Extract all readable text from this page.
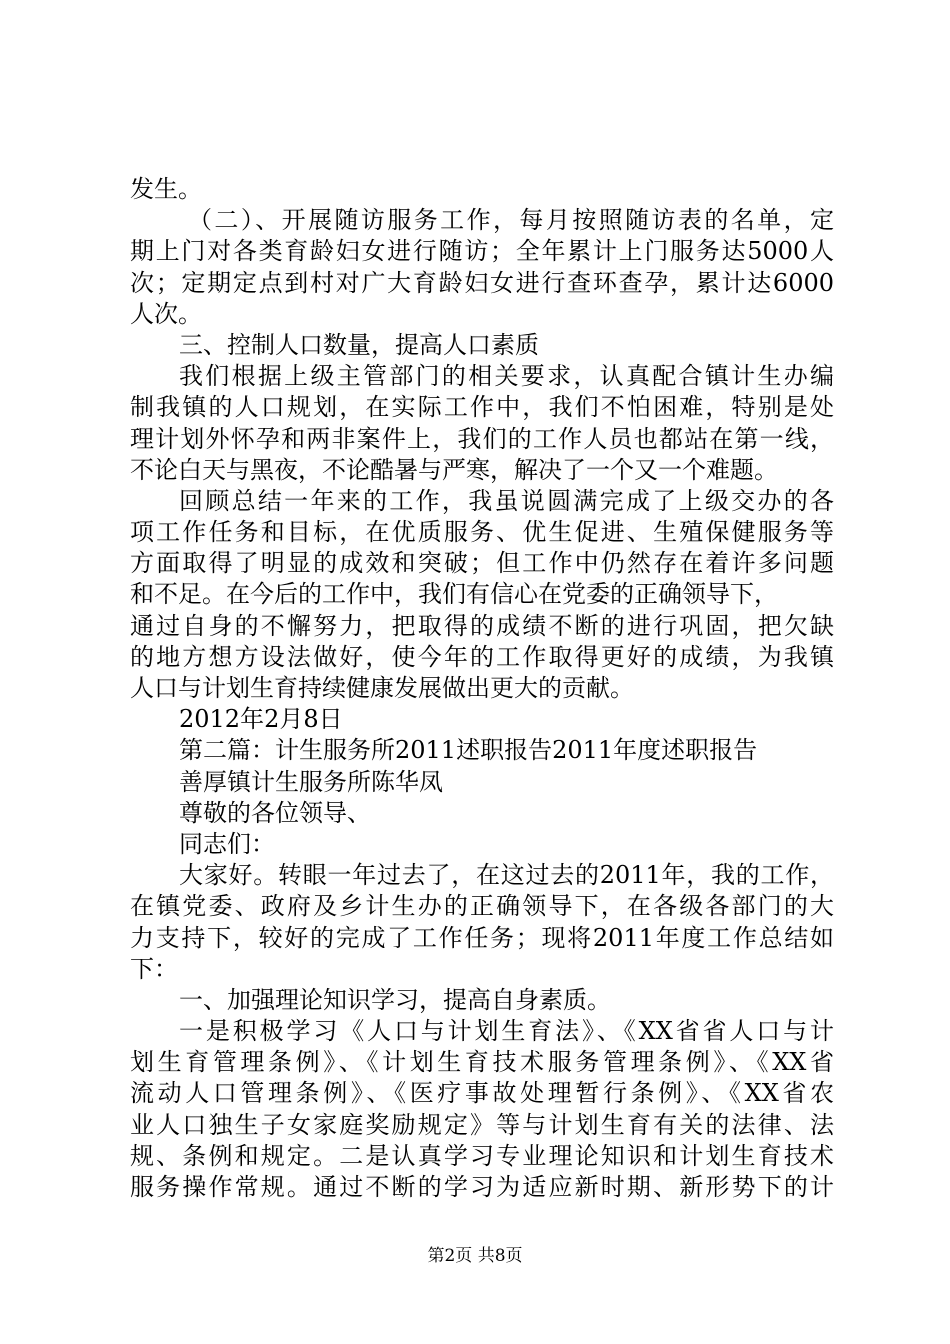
发生。
（二）、开展随访服务工作，每月按照随访表的名单，定
期上门对各类育龄妇女进行随访；全年累计上门服务达5000人
次；定期定点到村对广大育龄妇女进行查环查孕，累计达6000
人次。
三、控制人口数量，提高人口素质
我们根据上级主管部门的相关要求，认真配合镇计生办编
制我镇的人口规划，在实际工作中，我们不怕困难，特别是处
理计划外怀孕和两非案件上，我们的工作人员也都站在第一线，
不论白天与黑夜，不论酷暑与严寒，解决了一个又一个难题。
回顾总结一年来的工作，我虽说圆满完成了上级交办的各
项工作任务和目标，在优质服务、优生促进、生殖保健服务等
方面取得了明显的成效和突破；但工作中仍然存在着许多问题
和不足。在今后的工作中，我们有信心在党委的正确领导下，
通过自身的不懈努力，把取得的成绩不断的进行巩固，把欠缺
的地方想方设法做好，使今年的工作取得更好的成绩，为我镇
人口与计划生育持续健康发展做出更大的贡献。
2012年2月8日
第二篇：计生服务所2011述职报告2011年度述职报告
善厚镇计生服务所陈华凤
尊敬的各位领导、
同志们：
大家好。转眼一年过去了，在这过去的2011年，我的工作，
在镇党委、政府及乡计生办的正确领导下，在各级各部门的大
力支持下，较好的完成了工作任务；现将2011年度工作总结如
下：
一、加强理论知识学习，提高自身素质。
一是积极学习《人口与计划生育法》、《XX省省人口与计
划生育管理条例》、《计划生育技术服务管理条例》、《XX省
流动人口管理条例》、《医疗事故处理暂行条例》、《XX省农
业人口独生子女家庭奖励规定》等与计划生育有关的法律、法
规、条例和规定。二是认真学习专业理论知识和计划生育技术
服务操作常规。通过不断的学习为适应新时期、新形势下的计
第2页 共8页
